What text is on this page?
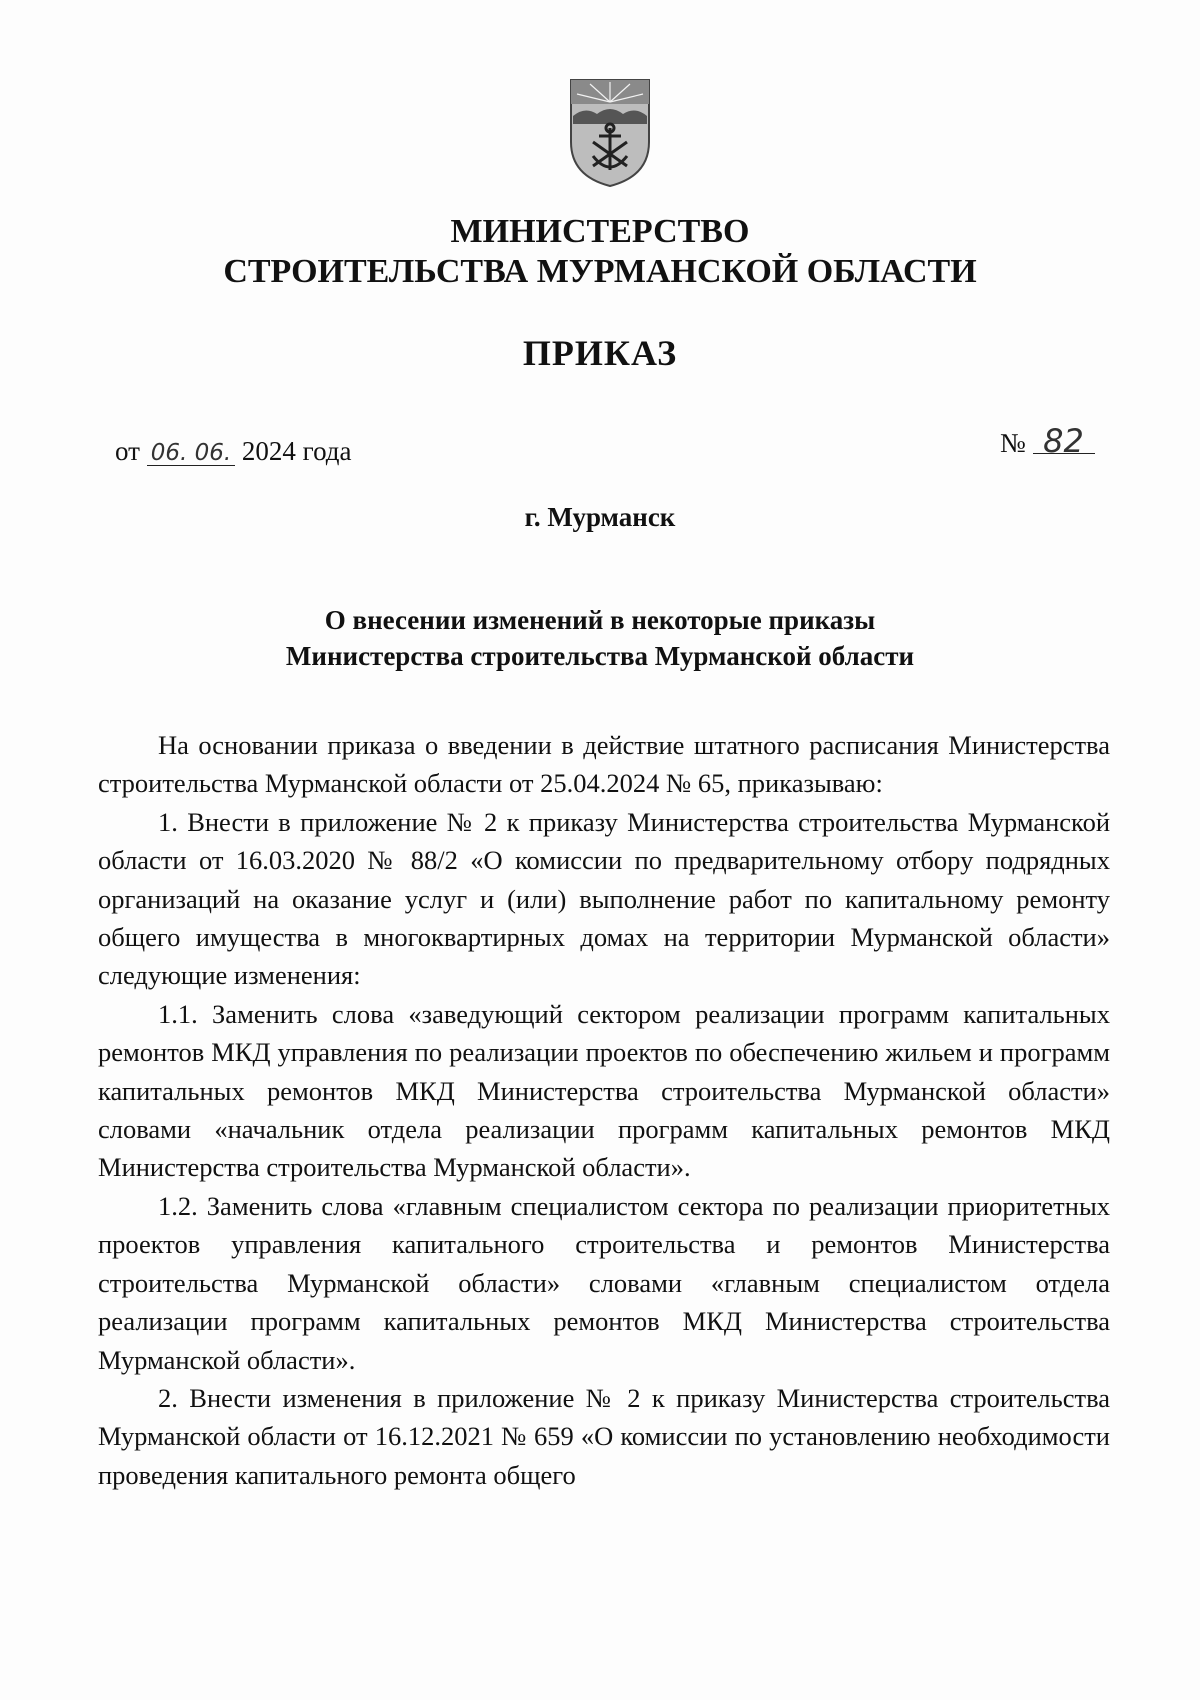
МИНИСТЕРСТВО
СТРОИТЕЛЬСТВА МУРМАНСКОЙ ОБЛАСТИ
ПРИКАЗ
от 06. 06. 2024 года	№ 82
г. Мурманск
О внесении изменений в некоторые приказы
Министерства строительства Мурманской области

На основании приказа о введении в действие штатного расписания Министерства строительства Мурманской области от 25.04.2024 № 65, приказываю:

1. Внести в приложение № 2 к приказу Министерства строительства Мурманской области от 16.03.2020 № 88/2 «О комиссии по предварительному отбору подрядных организаций на оказание услуг и (или) выполнение работ по капитальному ремонту общего имущества в многоквартирных домах на территории Мурманской области» следующие изменения:

1.1. Заменить слова «заведующий сектором реализации программ капитальных ремонтов МКД управления по реализации проектов по обеспечению жильем и программ капитальных ремонтов МКД Министерства строительства Мурманской области» словами «начальник отдела реализации программ капитальных ремонтов МКД Министерства строительства Мурманской области».

1.2. Заменить слова «главным специалистом сектора по реализации приоритетных проектов управления капитального строительства и ремонтов Министерства строительства Мурманской области» словами «главным специалистом отдела реализации программ капитальных ремонтов МКД Министерства строительства Мурманской области».

2. Внести изменения в приложение № 2 к приказу Министерства строительства Мурманской области от 16.12.2021 № 659 «О комиссии по установлению необходимости проведения капитального ремонта общего
